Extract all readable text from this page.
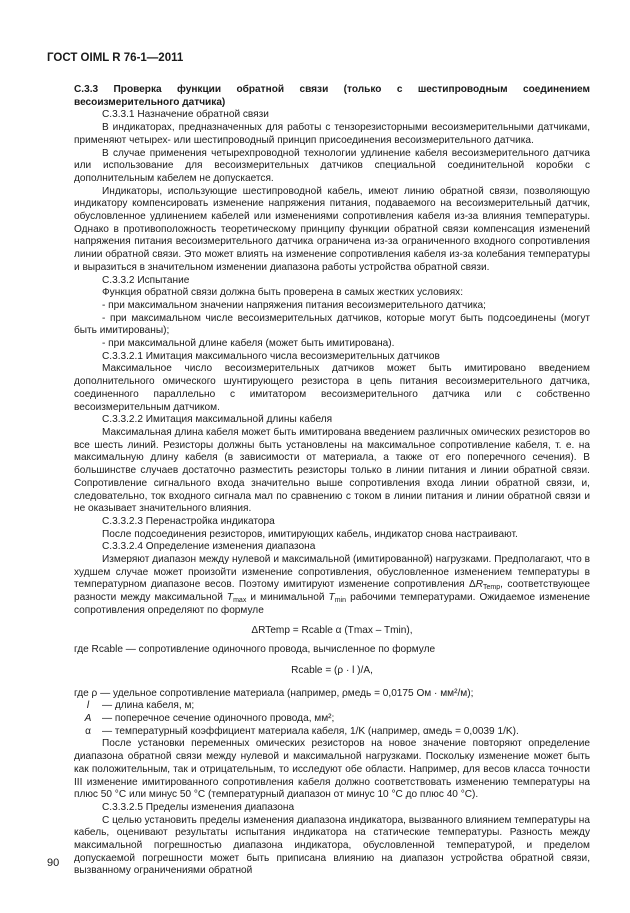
ГОСТ OIML R 76-1—2011

С.3.3 Проверка функции обратной связи (только с шестипроводным соединением весоизмерительного датчика)

С.3.3.1 Назначение обратной связи

В индикаторах, предназначенных для работы с тензорезисторными весоизмерительными датчиками, применяют четырех- или шестипроводный принцип присоединения весоизмерительного датчика.

В случае применения четырехпроводной технологии удлинение кабеля весоизмерительного датчика или использование для весоизмерительных датчиков специальной соединительной коробки с дополнительным кабелем не допускается.

Индикаторы, использующие шестипроводной кабель, имеют линию обратной связи, позволяющую индикатору компенсировать изменение напряжения питания, подаваемого на весоизмерительный датчик, обусловленное удлинением кабелей или изменениями сопротивления кабеля из-за влияния температуры. Однако в противоположность теоретическому принципу функции обратной связи компенсация изменений напряжения питания весоизмерительного датчика ограничена из-за ограниченного входного сопротивления линии обратной связи. Это может влиять на изменение сопротивления кабеля из-за колебания температуры и выразиться в значительном изменении диапазона работы устройства обратной связи.

С.3.3.2 Испытание

Функция обратной связи должна быть проверена в самых жестких условиях:

- при максимальном значении напряжения питания весоизмерительного датчика;

- при максимальном числе весоизмерительных датчиков, которые могут быть подсоединены (могут быть имитированы);

- при максимальной длине кабеля (может быть имитирована).

С.3.3.2.1 Имитация максимального числа весоизмерительных датчиков

Максимальное число весоизмерительных датчиков может быть имитировано введением дополнительного омического шунтирующего резистора в цепь питания весоизмерительного датчика, соединенного параллельно с имитатором весоизмерительного датчика или с собственно весоизмерительным датчиком.

С.3.3.2.2 Имитация максимальной длины кабеля

Максимальная длина кабеля может быть имитирована введением различных омических резисторов во все шесть линий. Резисторы должны быть установлены на максимальное сопротивление кабеля, т. е. на максимальную длину кабеля (в зависимости от материала, а также от его поперечного сечения). В большинстве случаев достаточно разместить резисторы только в линии питания и линии обратной связи. Сопротивление сигнального входа значительно выше сопротивления входа линии обратной связи, и, следовательно, ток входного сигнала мал по сравнению с током в линии питания и линии обратной связи и не оказывает значительного влияния.

С.3.3.2.3 Перенастройка индикатора

После подсоединения резисторов, имитирующих кабель, индикатор снова настраивают.

С.3.3.2.4 Определение изменения диапазона

Измеряют диапазон между нулевой и максимальной (имитированной) нагрузками. Предполагают, что в худшем случае может произойти изменение сопротивления, обусловленное изменением температуры в температурном диапазоне весов. Поэтому имитируют изменение сопротивления $\Delta R_{Temp}$, соответствующее разности между максимальной $T_{max}$ и минимальной $T_{min}$ рабочими температурами. Ожидаемое изменение сопротивления определяют по формуле

ΔRTemp = Rcable α (Tmax – Tmin),

где Rcable — сопротивление одиночного провода, вычисленное по формуле

Rcable = (ρ · l )/A,

где ρ — удельное сопротивление материала (например, ρмедь = 0,0175 Ом · мм²/м);

l	— длина кабеля, м;
A	— поперечное сечение одиночного провода, мм²;
α	— температурный коэффициент материала кабеля, 1/K (например, αмедь = 0,0039 1/K).

После установки переменных омических резисторов на новое значение повторяют определение диапазона обратной связи между нулевой и максимальной нагрузками. Поскольку изменение может быть как положительным, так и отрицательным, то исследуют обе области. Например, для весов класса точности III изменение имитированного сопротивления кабеля должно соответствовать изменению температуры на плюс 50 °С или минус 50 °С (температурный диапазон от минус 10 °С до плюс 40 °С).

С.3.3.2.5 Пределы изменения диапазона

С целью установить пределы изменения диапазона индикатора, вызванного влиянием температуры на кабель, оценивают результаты испытания индикатора на статические температуры. Разность между максимальной погрешностью диапазона индикатора, обусловленной температурой, и пределом допускаемой погрешности может быть приписана влиянию на диапазон устройства обратной связи, вызванному ограничениями обратной

90
